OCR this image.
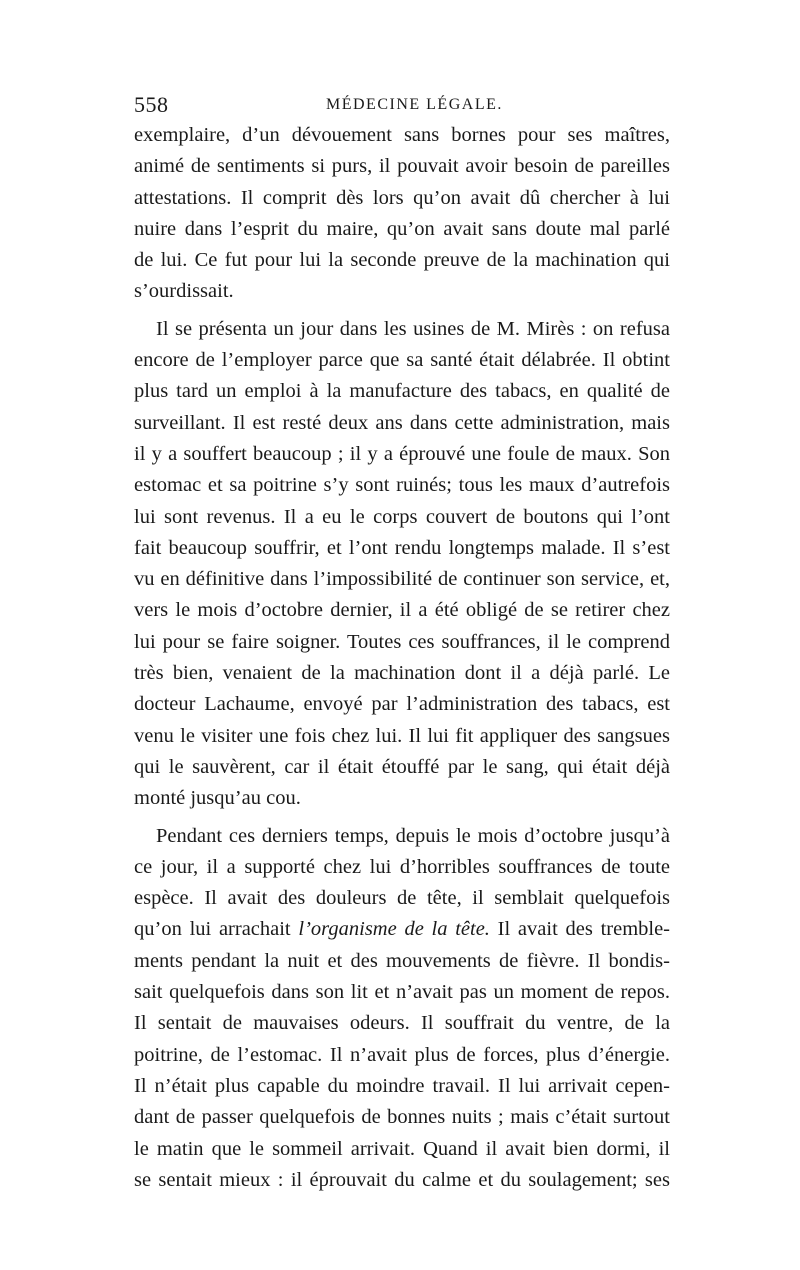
558	MÉDECINE LÉGALE.
exemplaire, d’un dévouement sans bornes pour ses maîtres,
animé de sentiments si purs, il pouvait avoir besoin de pareilles
attestations. Il comprit dès lors qu’on avait dû chercher à lui
nuire dans l’esprit du maire, qu’on avait sans doute mal parlé
de lui. Ce fut pour lui la seconde preuve de la machination qui
s’ourdissait.
Il se présenta un jour dans les usines de M. Mirès : on refusa
encore de l’employer parce que sa santé était délabrée. Il obtint
plus tard un emploi à la manufacture des tabacs, en qualité de
surveillant. Il est resté deux ans dans cette administration, mais
il y a souffert beaucoup ; il y a éprouvé une foule de maux. Son
estomac et sa poitrine s’y sont ruinés; tous les maux d’autrefois
lui sont revenus. Il a eu le corps couvert de boutons qui l’ont
fait beaucoup souffrir, et l’ont rendu longtemps malade. Il s’est
vu en définitive dans l’impossibilité de continuer son service, et,
vers le mois d’octobre dernier, il a été obligé de se retirer chez
lui pour se faire soigner. Toutes ces souffrances, il le comprend
très bien, venaient de la machination dont il a déjà parlé. Le
docteur Lachaume, envoyé par l’administration des tabacs, est
venu le visiter une fois chez lui. Il lui fit appliquer des sangsues
qui le sauvèrent, car il était étouffé par le sang, qui était déjà
monté jusqu’au cou.
Pendant ces derniers temps, depuis le mois d’octobre jusqu’à
ce jour, il a supporté chez lui d’horribles souffrances de toute
espèce. Il avait des douleurs de tête, il semblait quelquefois
qu’on lui arrachait l’organisme de la tête. Il avait des tremble-
ments pendant la nuit et des mouvements de fièvre. Il bondis-
sait quelquefois dans son lit et n’avait pas un moment de repos.
Il sentait de mauvaises odeurs. Il souffrait du ventre, de la
poitrine, de l’estomac. Il n’avait plus de forces, plus d’énergie.
Il n’était plus capable du moindre travail. Il lui arrivait cepen-
dant de passer quelquefois de bonnes nuits ; mais c’était surtout
le matin que le sommeil arrivait. Quand il avait bien dormi, il
se sentait mieux : il éprouvait du calme et du soulagement; ses
